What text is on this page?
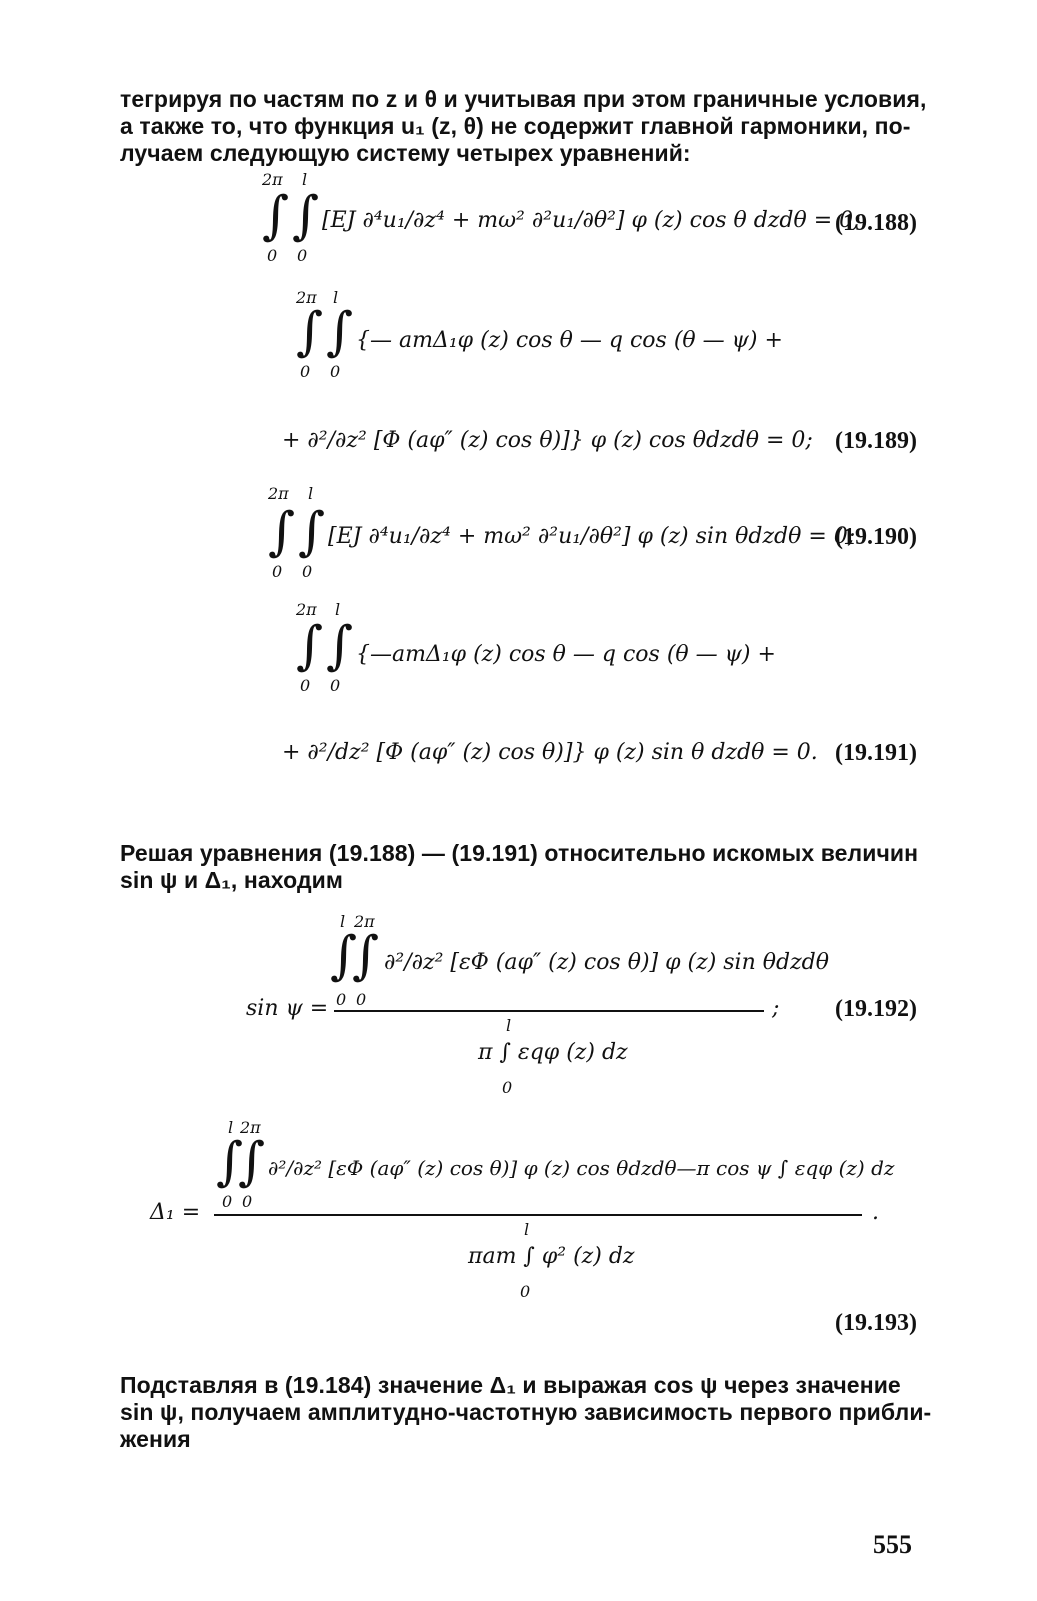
тегрируя по частям по z и θ и учитывая при этом граничные условия,
а также то, что функция u₁ (z, θ) не содержит главной гармоники, по-
лучаем следующую систему четырех уравнений:
2π l
∫ ∫
0 0
[EJ ∂⁴u₁/∂z⁴ + mω² ∂²u₁/∂θ²] φ (z) cos θ dzdθ = 0;
(19.188)
2π l
∫ ∫
0 0
{— amΔ₁φ (z) cos θ — q cos (θ — ψ) +
+ ∂²/∂z² [Φ (aφ″ (z) cos θ)]} φ (z) cos θdzdθ = 0; (19.189)
2π l
∫ ∫
0 0
[EJ ∂⁴u₁/∂z⁴ + mω² ∂²u₁/∂θ²] φ (z) sin θdzdθ = 0;
(19.190)
2π l
∫ ∫
0 0
{—amΔ₁φ (z) cos θ — q cos (θ — ψ) +
+ ∂²/dz² [Φ (aφ″ (z) cos θ)]} φ (z) sin θ dzdθ = 0. (19.191)
Решая уравнения (19.188) — (19.191) относительно искомых величин
sin ψ и Δ₁, находим
l 2π
∫
∫
0 0
∂²/∂z² [εΦ (aφ″ (z) cos θ)] φ (z) sin θdzdθ
sin ψ =	;
l
π ∫ εqφ (z) dz
0
(19.192)
l 2π
∫
∫
0 0
∂²/∂z² [εΦ (aφ″ (z) cos θ)] φ (z) cos θdzdθ—π cos ψ ∫ εqφ (z) dz
Δ₁ =	.
l
πam ∫ φ² (z) dz
0
(19.193)
Подставляя в (19.184) значение Δ₁ и выражая cos ψ через значение
sin ψ, получаем амплитудно-частотную зависимость первого прибли-
жения
555
